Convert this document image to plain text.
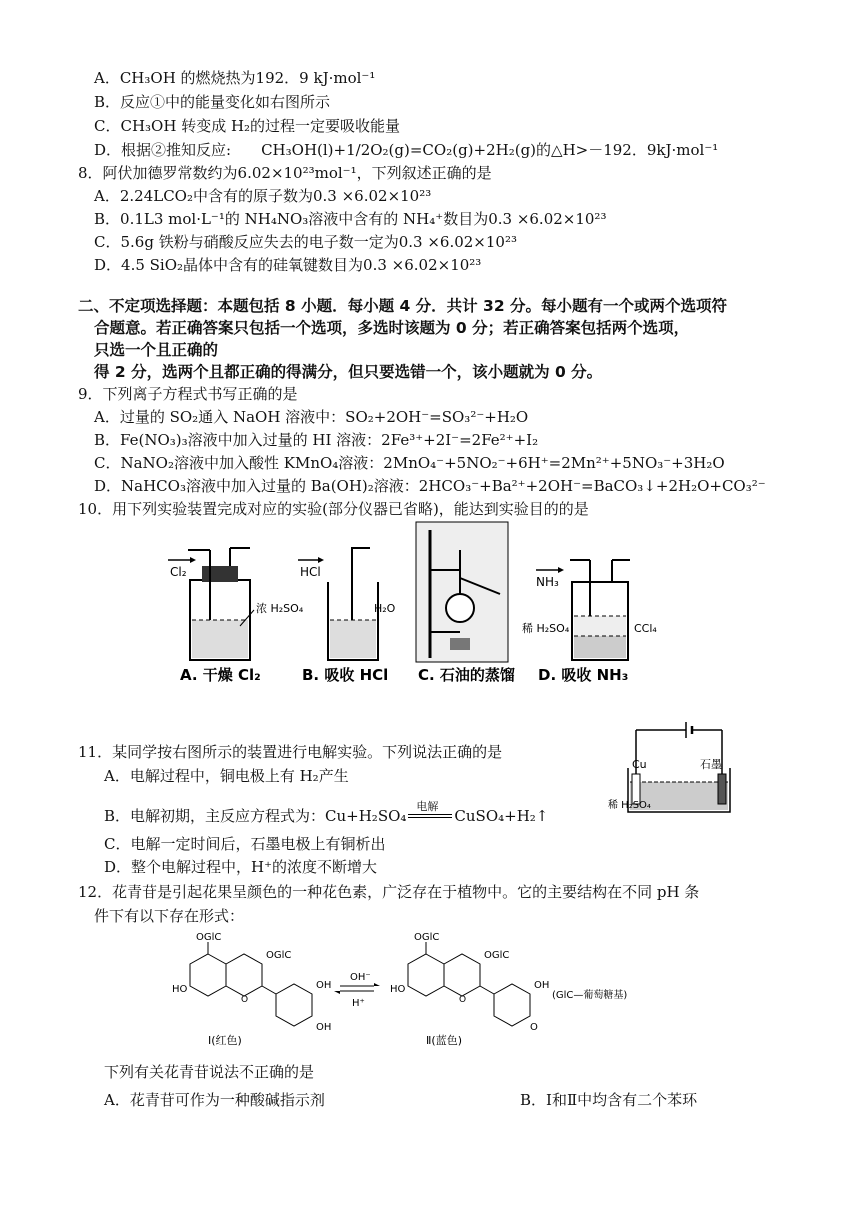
A．CH₃OH 的燃烧热为192．9 kJ·mol⁻¹
B．反应①中的能量变化如右图所示
C．CH₃OH 转变成 H₂的过程一定要吸收能量
D．根据②推知反应:　　CH₃OH(l)+1/2O₂(g)=CO₂(g)+2H₂(g)的△H>－192．9kJ·mol⁻¹
8．阿伏加德罗常数约为6.02×10²³mol⁻¹，下列叙述正确的是
A．2.24LCO₂中含有的原子数为0.3 ×6.02×10²³
B．0.1L3 mol·L⁻¹的 NH₄NO₃溶液中含有的 NH₄⁺数目为0.3 ×6.02×10²³
C．5.6g 铁粉与硝酸反应失去的电子数一定为0.3 ×6.02×10²³
D．4.5 SiO₂晶体中含有的硅氧键数目为0.3 ×6.02×10²³
二、不定项选择题：本题包括 8 小题．每小题 4 分．共计 32 分。每小题有一个或两个选项符
合题意。若正确答案只包括一个选项，多选时该题为 0 分；若正确答案包括两个选项，
只选一个且正确的
得 2 分，选两个且都正确的得满分，但只要选错一个，该小题就为 0 分。
9．下列离子方程式书写正确的是
A．过量的 SO₂通入 NaOH 溶液中：SO₂+2OH⁻=SO₃²⁻+H₂O
B．Fe(NO₃)₃溶液中加入过量的 HI 溶液：2Fe³⁺+2I⁻=2Fe²⁺+I₂
C．NaNO₂溶液中加入酸性 KMnO₄溶液：2MnO₄⁻+5NO₂⁻+6H⁺=2Mn²⁺+5NO₃⁻+3H₂O
D．NaHCO₃溶液中加入过量的 Ba(OH)₂溶液：2HCO₃⁻+Ba²⁺+2OH⁻=BaCO₃↓+2H₂O+CO₃²⁻
10．用下列实验装置完成对应的实验(部分仪器已省略)，能达到实验目的的是
Cl₂
浓 H₂SO₄
A. 干燥 Cl₂
HCl
H₂O
B. 吸收 HCl C. 石油的蒸馏
NH₃
稀 H₂SO₄	CCl₄
D. 吸收 NH₃
11．某同学按右图所示的装置进行电解实验。下列说法正确的是
A．电解过程中，铜电极上有 H₂产生
B．电解初期，主反应方程式为：Cu+H₂SO₄
电解
CuSO₄+H₂↑
C．电解一定时间后，石墨电极上有铜析出
D．整个电解过程中，H⁺的浓度不断增大
Cu	石墨
稀 H₂SO₄
12．花青苷是引起花果呈颜色的一种花色素，广泛存在于植物中。它的主要结构在不同 pH 条
件下有以下存在形式：
OGlC
O
OGlC
HO	OH
OH
Ⅰ(红色)
OH⁻
H⁺
OGlC
O
OGlC
HO	OH
O
Ⅱ(蓝色)
(GlC—葡萄糖基)
下列有关花青苷说法不正确的是
A．花青苷可作为一种酸碱指示剂	B．Ⅰ和Ⅱ中均含有二个苯环
